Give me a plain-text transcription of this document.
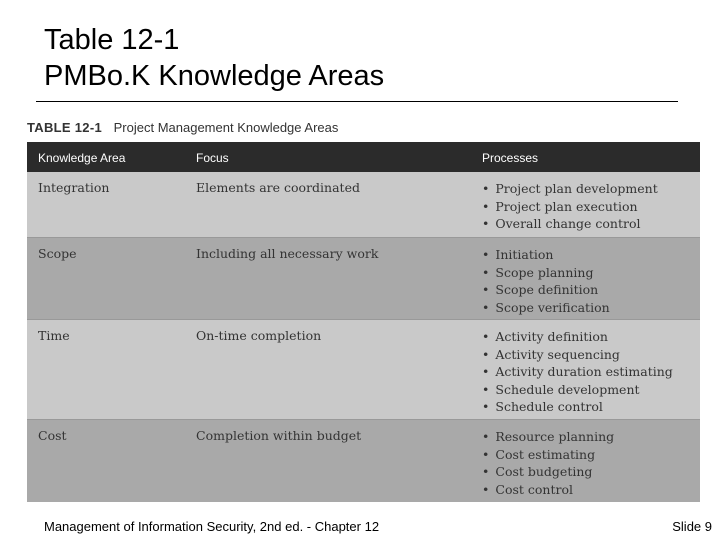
Table 12-1
PMBo.K Knowledge Areas
TABLE 12-1 Project Management Knowledge Areas
Knowledge Area	Focus	Processes
Integration	Elements are coordinated	• Project plan development
• Project plan execution
• Overall change control
Scope	Including all necessary work	• Initiation
• Scope planning
• Scope definition
• Scope verification
Time	On-time completion	• Activity definition
• Activity sequencing
• Activity duration estimating
• Schedule development
• Schedule control
Cost	Completion within budget	• Resource planning
• Cost estimating
• Cost budgeting
• Cost control
Management of Information Security, 2nd ed. - Chapter 12	Slide 9
